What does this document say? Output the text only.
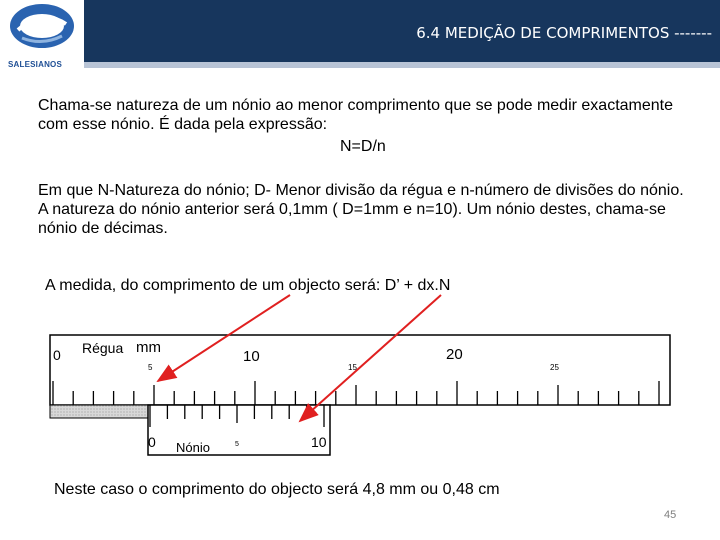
SALESIANOS
6.4 MEDIÇÃO DE COMPRIMENTOS -------
Chama-se natureza de um nónio ao menor comprimento que se pode medir exactamente com esse nónio. É dada pela expressão:
N=D/n
Em que N-Natureza do nónio; D- Menor divisão da régua e n-número de divisões do nónio.
A natureza do nónio anterior será 0,1mm ( D=1mm e n=10). Um nónio destes, chama-se nónio de décimas.
A medida, do comprimento de um objecto será: D’ + dx.N
0 Régua mm
10	20
5	15	25
0	5	10
Nónio
Neste caso o comprimento do objecto será 4,8 mm ou 0,48 cm
45
